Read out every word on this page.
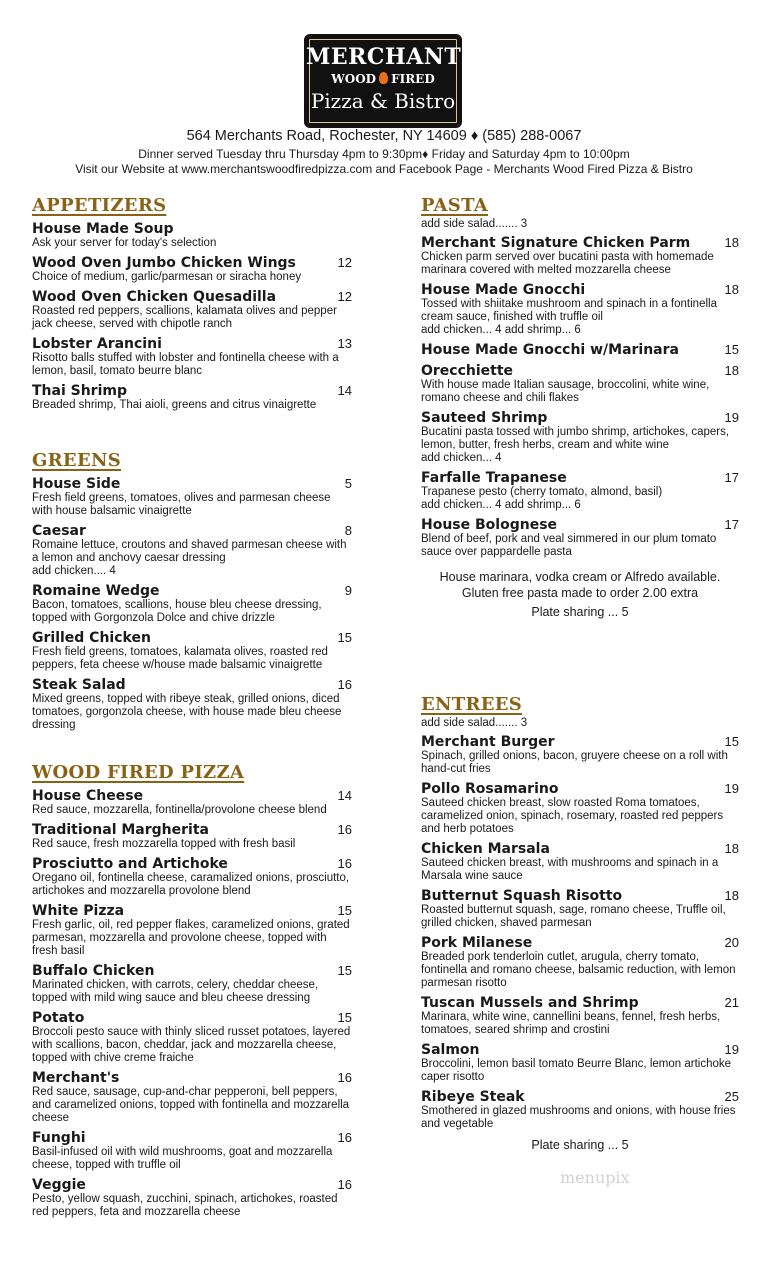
MERCHANTS
WOOD FIRED
Pizza & Bistro
564 Merchants Road, Rochester, NY 14609 ♦ (585) 288-0067
Dinner served Tuesday thru Thursday 4pm to 9:30pm♦ Friday and Saturday 4pm to 10:00pm
Visit our Website at www.merchantswoodfiredpizza.com and Facebook Page - Merchants Wood Fired Pizza & Bistro
APPETIZERS
House Made Soup
Ask your server for today's selection
Wood Oven Jumbo Chicken Wings	12
Choice of medium, garlic/parmesan or siracha honey
Wood Oven Chicken Quesadilla	12
Roasted red peppers, scallions, kalamata olives and pepper jack cheese, served with chipotle ranch
Lobster Arancini	13
Risotto balls stuffed with lobster and fontinella cheese with a lemon, basil, tomato beurre blanc
Thai Shrimp	14
Breaded shrimp, Thai aioli, greens and citrus vinaigrette
GREENS
House Side	5
Fresh field greens, tomatoes, olives and parmesan cheese with house balsamic vinaigrette
Caesar	8
Romaine lettuce, croutons and shaved parmesan cheese with a lemon and anchovy caesar dressing
add chicken.... 4
Romaine Wedge	9
Bacon, tomatoes, scallions, house bleu cheese dressing, topped with Gorgonzola Dolce and chive drizzle
Grilled Chicken	15
Fresh field greens, tomatoes, kalamata olives, roasted red peppers, feta cheese w/house made balsamic vinaigrette
Steak Salad	16
Mixed greens, topped with ribeye steak, grilled onions, diced tomatoes, gorgonzola cheese, with house made bleu cheese dressing
WOOD FIRED PIZZA
House Cheese	14
Red sauce, mozzarella, fontinella/provolone cheese blend
Traditional Margherita	16
Red sauce, fresh mozzarella topped with fresh basil
Prosciutto and Artichoke	16
Oregano oil, fontinella cheese, caramalized onions, prosciutto, artichokes and mozzarella provolone blend
White Pizza	15
Fresh garlic, oil, red pepper flakes, caramelized onions, grated parmesan, mozzarella and provolone cheese, topped with fresh basil
Buffalo Chicken	15
Marinated chicken, with carrots, celery, cheddar cheese, topped with mild wing sauce and bleu cheese dressing
Potato	15
Broccoli pesto sauce with thinly sliced russet potatoes, layered with scallions, bacon, cheddar, jack and mozzarella cheese, topped with chive creme fraiche
Merchant's	16
Red sauce, sausage, cup-and-char pepperoni, bell peppers, and caramelized onions, topped with fontinella and mozzarella cheese
Funghi	16
Basil-infused oil with wild mushrooms, goat and mozzarella cheese, topped with truffle oil
Veggie	16
Pesto, yellow squash, zucchini, spinach, artichokes, roasted red peppers, feta and mozzarella cheese
PASTA
add side salad....... 3
Merchant Signature Chicken Parm	18
Chicken parm served over bucatini pasta with homemade marinara covered with melted mozzarella cheese
House Made Gnocchi	18
Tossed with shiitake mushroom and spinach in a fontinella cream sauce, finished with truffle oil
add chicken... 4 add shrimp... 6
House Made Gnocchi w/Marinara	15
Orecchiette	18
With house made Italian sausage, broccolini, white wine, romano cheese and chili flakes
Sauteed Shrimp	19
Bucatini pasta tossed with jumbo shrimp, artichokes, capers, lemon, butter, fresh herbs, cream and white wine
add chicken... 4
Farfalle Trapanese	17
Trapanese pesto (cherry tomato, almond, basil)
add chicken... 4 add shrimp... 6
House Bolognese	17
Blend of beef, pork and veal simmered in our plum tomato sauce over pappardelle pasta
House marinara, vodka cream or Alfredo available.
Gluten free pasta made to order 2.00 extra
Plate sharing ... 5
ENTREES
add side salad....... 3
Merchant Burger	15
Spinach, grilled onions, bacon, gruyere cheese on a roll with hand-cut fries
Pollo Rosamarino	19
Sauteed chicken breast, slow roasted Roma tomatoes, caramelized onion, spinach, rosemary, roasted red peppers and herb potatoes
Chicken Marsala	18
Sauteed chicken breast, with mushrooms and spinach in a Marsala wine sauce
Butternut Squash Risotto	18
Roasted butternut squash, sage, romano cheese, Truffle oil, grilled chicken, shaved parmesan
Pork Milanese	20
Breaded pork tenderloin cutlet, arugula, cherry tomato, fontinella and romano cheese, balsamic reduction, with lemon parmesan risotto
Tuscan Mussels and Shrimp	21
Marinara, white wine, cannellini beans, fennel, fresh herbs, tomatoes, seared shrimp and crostini
Salmon	19
Broccolini, lemon basil tomato Beurre Blanc, lemon artichoke caper risotto
Ribeye Steak	25
Smothered in glazed mushrooms and onions, with house fries and vegetable
Plate sharing ... 5
menupix
